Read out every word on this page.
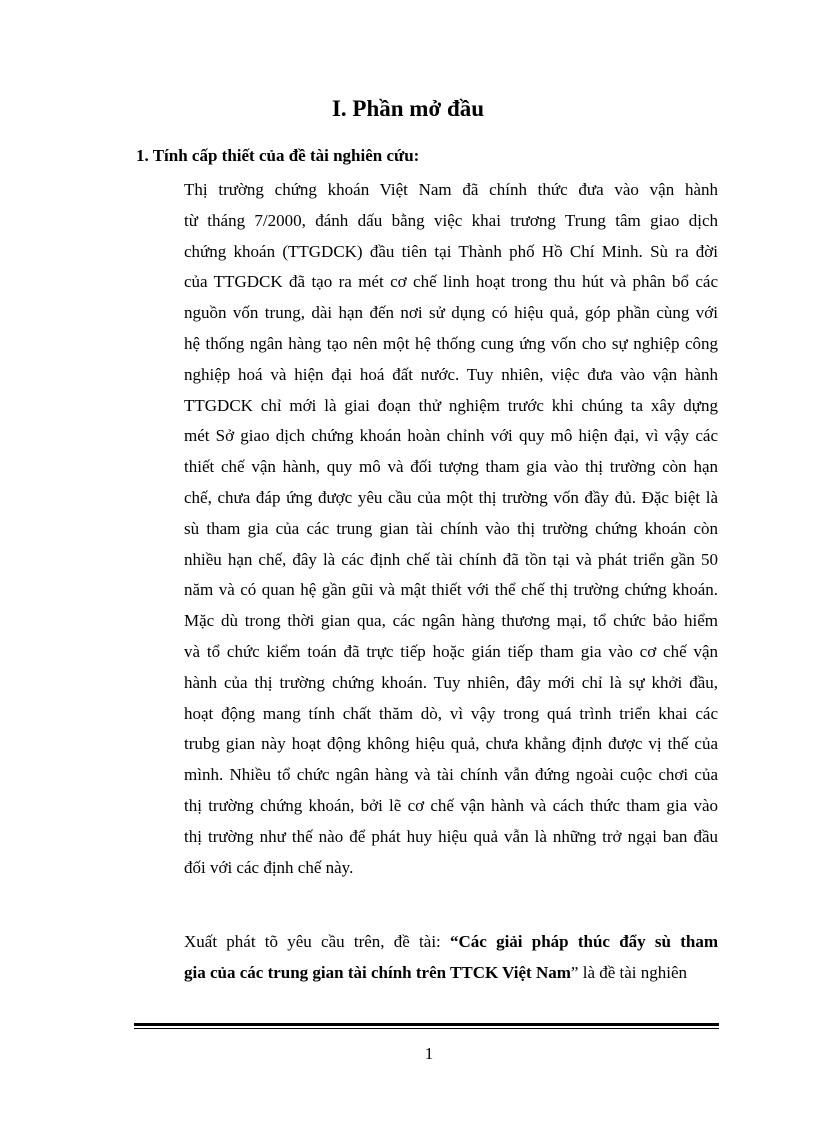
I. Phần mở đầu
1. Tính cấp thiết của đề tài nghiên cứu:
Thị trường chứng khoán Việt Nam đã chính thức đưa vào vận hành
từ tháng 7/2000, đánh dấu bằng việc khai trương Trung tâm giao dịch
chứng khoán (TTGDCK) đầu tiên tại Thành phố Hồ Chí Minh. Sù ra đời
của TTGDCK đã tạo ra mét cơ chế linh hoạt trong thu hút và phân bổ các
nguồn vốn trung, dài hạn đến nơi sử dụng có hiệu quả, góp phần cùng với
hệ thống ngân hàng tạo nên một hệ thống cung ứng vốn cho sự nghiệp công
nghiệp hoá và hiện đại hoá đất nước. Tuy nhiên, việc đưa vào vận hành
TTGDCK chỉ mới là giai đoạn thử nghiệm trước khi chúng ta xây dựng
mét Sở giao dịch chứng khoán hoàn chỉnh với quy mô hiện đại, vì vậy các
thiết chế vận hành, quy mô và đối tượng tham gia vào thị trường còn hạn
chế, chưa đáp ứng được yêu cầu của một thị trường vốn đầy đủ. Đặc biệt là
sù tham gia của các trung gian tài chính vào thị trường chứng khoán còn
nhiều hạn chế, đây là các định chế tài chính đã tồn tại và phát triển gần 50
năm và có quan hệ gần gũi và mật thiết với thể chế thị trường chứng khoán.
Mặc dù trong thời gian qua, các ngân hàng thương mại, tổ chức bảo hiểm
và tổ chức kiểm toán đã trực tiếp hoặc gián tiếp tham gia vào cơ chế vận
hành của thị trường chứng khoán. Tuy nhiên, đây mới chỉ là sự khởi đầu,
hoạt động mang tính chất thăm dò, vì vậy trong quá trình triển khai các
trubg gian này hoạt động không hiệu quả, chưa khẳng định được vị thế của
mình. Nhiều tổ chức ngân hàng và tài chính vẫn đứng ngoài cuộc chơi của
thị trường chứng khoán, bởi lẽ cơ chế vận hành và cách thức tham gia vào
thị trường như thế nào để phát huy hiệu quả vẫn là những trở ngại ban đầu
đối với các định chế này.
Xuất phát tõ yêu cầu trên, đề tài: “Các giải pháp thúc đẩy sù tham
gia của các trung gian tài chính trên TTCK Việt Nam” là đề tài nghiên
1
